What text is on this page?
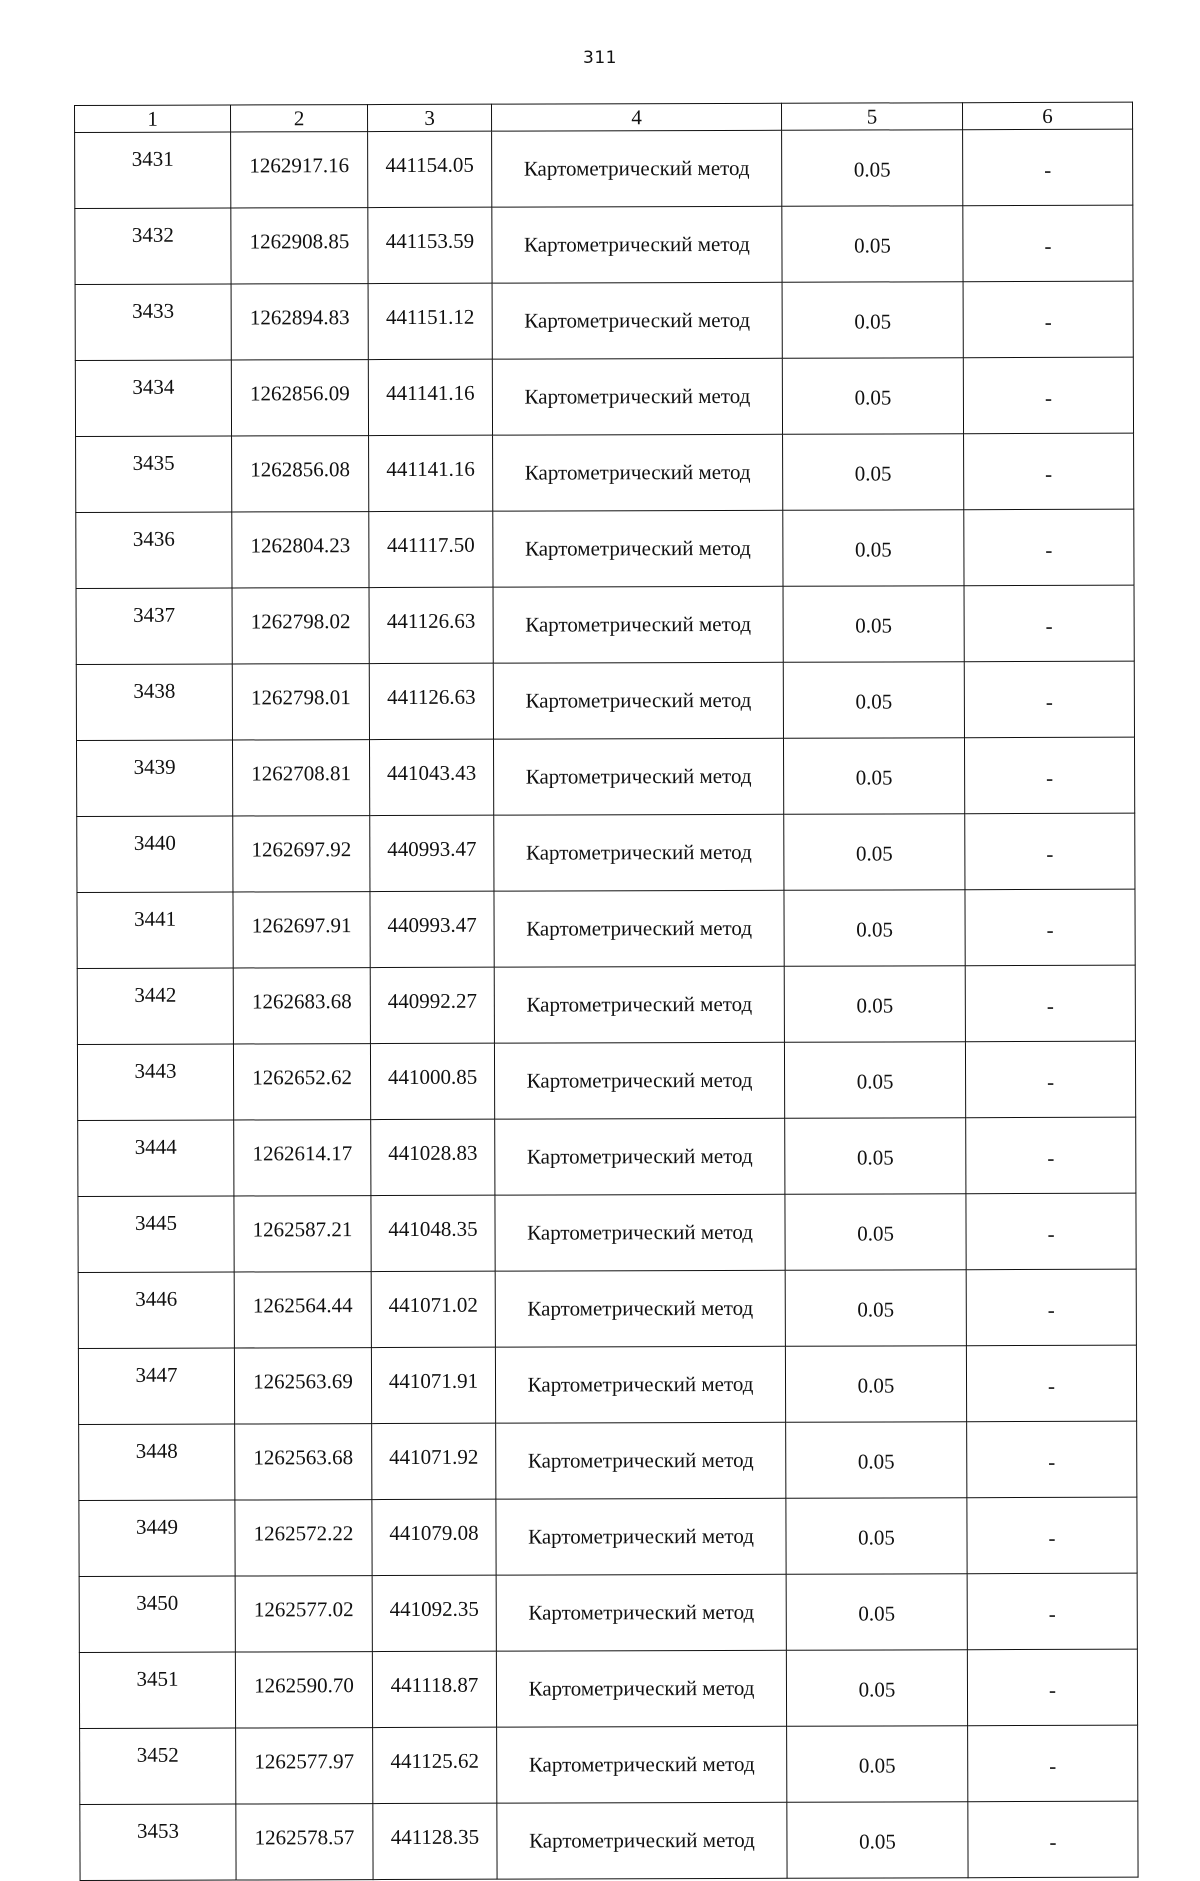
311
1	2	3	4	5	6
3431	1262917.16	441154.05	Картометрический метод	0.05	-
3432	1262908.85	441153.59	Картометрический метод	0.05	-
3433	1262894.83	441151.12	Картометрический метод	0.05	-
3434	1262856.09	441141.16	Картометрический метод	0.05	-
3435	1262856.08	441141.16	Картометрический метод	0.05	-
3436	1262804.23	441117.50	Картометрический метод	0.05	-
3437	1262798.02	441126.63	Картометрический метод	0.05	-
3438	1262798.01	441126.63	Картометрический метод	0.05	-
3439	1262708.81	441043.43	Картометрический метод	0.05	-
3440	1262697.92	440993.47	Картометрический метод	0.05	-
3441	1262697.91	440993.47	Картометрический метод	0.05	-
3442	1262683.68	440992.27	Картометрический метод	0.05	-
3443	1262652.62	441000.85	Картометрический метод	0.05	-
3444	1262614.17	441028.83	Картометрический метод	0.05	-
3445	1262587.21	441048.35	Картометрический метод	0.05	-
3446	1262564.44	441071.02	Картометрический метод	0.05	-
3447	1262563.69	441071.91	Картометрический метод	0.05	-
3448	1262563.68	441071.92	Картометрический метод	0.05	-
3449	1262572.22	441079.08	Картометрический метод	0.05	-
3450	1262577.02	441092.35	Картометрический метод	0.05	-
3451	1262590.70	441118.87	Картометрический метод	0.05	-
3452	1262577.97	441125.62	Картометрический метод	0.05	-
3453	1262578.57	441128.35	Картометрический метод	0.05	-
